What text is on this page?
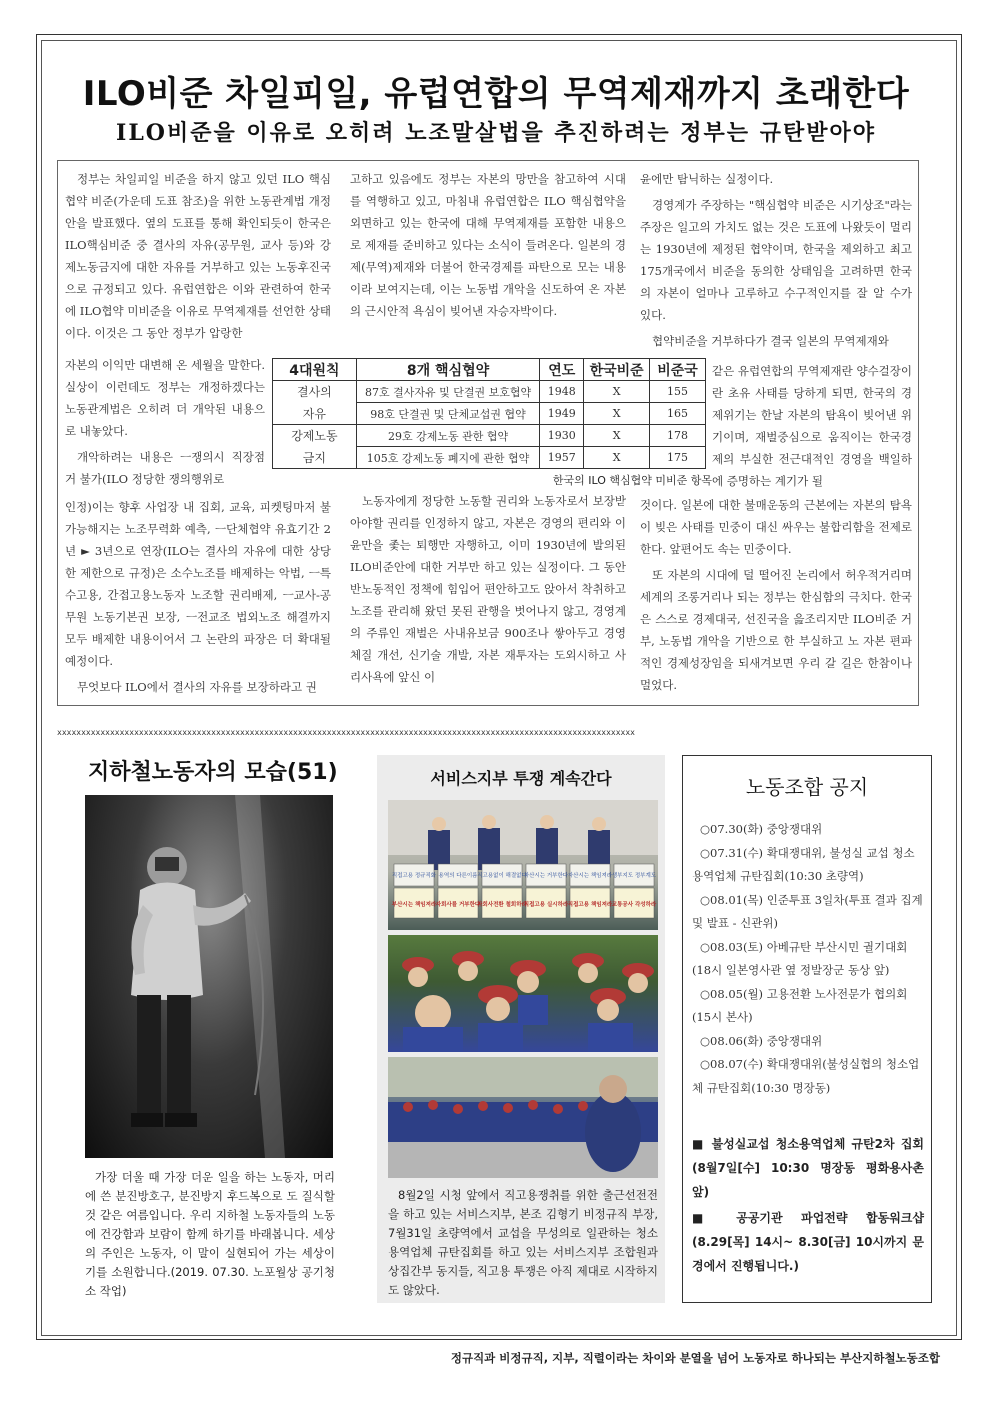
ILO비준 차일피일, 유럽연합의 무역제재까지 초래한다
ILO비준을 이유로 오히려 노조말살법을 추진하려는 정부는 규탄받아야

정부는 차일피일 비준을 하지 않고 있던 ILO 핵심협약 비준(가운데 도표 참조)을 위한 노동관계법 개정안을 발표했다. 옆의 도표를 통해 확인되듯이 한국은 ILO핵심비준 중 결사의 자유(공무원, 교사 등)와 강제노동금지에 대한 자유를 거부하고 있는 노동후진국으로 규정되고 있다. 유럽연합은 이와 관련하여 한국에 ILO협약 미비준을 이유로 무역제재를 선언한 상태이다. 이것은 그 동안 정부가 압랑한

자본의 이익만 대변해 온 세월을 말한다. 실상이 이런데도 정부는 개정하겠다는 노동관계법은 오히려 더 개악된 내용으로 내놓았다.

개악하려는 내용은 ㅡ쟁의시 직장점거 불가(ILO 정당한 쟁의행위로

인정)이는 향후 사업장 내 집회, 교육, 피켓팅마저 불가능해지는 노조무력화 예측, ㅡ단체협약 유효기간 2년 ► 3년으로 연장(ILO는 결사의 자유에 대한 상당한 제한으로 규정)은 소수노조를 배제하는 악법, ㅡ특수고용, 간접고용노동자 노조할 권리배제, ㅡ교사-공무원 노동기본권 보장, ㅡ전교조 법외노조 해결까지 모두 배제한 내용이어서 그 논란의 파장은 더 확대될 예정이다.

무엇보다 ILO에서 결사의 자유를 보장하라고 권

고하고 있음에도 정부는 자본의 망만을 참고하여 시대를 역행하고 있고, 마침내 유럽연합은 ILO 핵심협약을 외면하고 있는 한국에 대해 무역제재를 포함한 내용으로 제재를 준비하고 있다는 소식이 들려온다. 일본의 경제(무역)제재와 더불어 한국경제를 파탄으로 모는 내용이라 보여지는데, 이는 노동법 개악을 신도하여 온 자본의 근시안적 욕심이 빚어낸 자승자박이다.

노동자에게 정당한 노동할 권리와 노동자로서 보장받아야할 권리를 인정하지 않고, 자본은 경영의 편리와 이윤만을 좇는 퇴행만 자행하고, 이미 1930년에 발의된 ILO비준안에 대한 거부만 하고 있는 실정이다. 그 동안 반노동적인 정책에 힘입어 편안하고도 앉아서 착취하고 노조를 관리해 왔던 못된 관행을 벗어나지 않고, 경영계의 주류인 재벌은 사내유보금 900조나 쌓아두고 경영체질 개선, 신기술 개발, 자본 재투자는 도외시하고 사리사욕에 앞신 이

윤에만 탐닉하는 실정이다.

경영계가 주장하는 "핵심협약 비준은 시기상조"라는 주장은 일고의 가치도 없는 것은 도표에 나왔듯이 멀리는 1930년에 제정된 협약이며, 한국을 제외하고 최고 175개국에서 비준을 동의한 상태임을 고려하면 한국의 자본이 얼마나 고루하고 수구적인지를 잘 알 수가 있다.

협약비준을 거부하다가 결국 일본의 무역제재와

같은 유럽연합의 무역제재란 양수걸장이란 초유 사태를 당하게 되면, 한국의 경제위기는 한날 자본의 탐욕이 빚어낸 위기이며, 재벌중심으로 움직이는 한국경제의 부실한 전근대적인 경영을 백일하에 증명하는 계기가 될

것이다. 일본에 대한 불매운동의 근본에는 자본의 탐욕이 빚은 사태를 민중이 대신 싸우는 불합리함을 전제로 한다. 앞편어도 속는 민중이다.

또 자본의 시대에 덜 떨어진 논리에서 허우적거리며 세계의 조롱거리나 되는 정부는 한심함의 극치다. 한국은 스스로 경제대국, 선진국을 읊조리지만 ILO비준 거부, 노동법 개악을 기반으로 한 부실하고 노 자본 편파적인 경제성장임을 되새겨보면 우리 갈 길은 한참이나 멀었다.

4대원칙	8개 핵심협약	연도	한국비준	비준국
결사의	87호 결사자유 및 단결권 보호협약	1948	X	155
자유	98호 단결권 및 단체교섭권 협약	1949	X	165
강제노동	29호 강제노동 관한 협약	1930	X	178
금지	105호 강제노동 폐지에 관한 협약	1957	X	175
한국의 ILO 핵심협약 미비준 항목
xxxxxxxxxxxxxxxxxxxxxxxxxxxxxxxxxxxxxxxxxxxxxxxxxxxxxxxxxxxxxxxxxxxxxxxxxxxxxxxxxxxxxxxxxxxxxxxxxxxxxxxxxxxxxxxxxxxxxxxx
지하철노동자의 모습(51)
가장 더울 때 가장 더운 일을 하는 노동자, 머리에 쓴 분진방호구, 분진방지 후드복으로 도 질식할 것 같은 여름입니다. 우리 지하철 노동자들의 노동에 건강함과 보람이 함께 하기를 바래봅니다. 세상의 주인은 노동자, 이 말이 실현되어 가는 세상이기를 소원합니다.(2019. 07.30. 노포월상 공기청소 작업)
서비스지부 투쟁 계속간다
직접고용 정규직화 용역의 다른이름 직고용없이 해결없다
자산시는 거부한다 자산시는 책임져라 생부지도 정부계도
부산시는 책임져라 자회사를 거부한다
자회사전환 철회하라
직접고용 실시하라 직접고용 책임져라 교통공사 각성하라
8월2일 시청 앞에서 직고용쟁취를 위한 출근선전전을 하고 있는 서비스지부, 본조 김형기 비정규직 부장, 7월31일 초량역에서 교섭을 무성의로 일관하는 청소 용역업체 규탄집회를 하고 있는 서비스지부 조합원과 상집간부 동지들, 직고용 투쟁은 아직 제대로 시작하지도 않았다.
노동조합 공지
○07.30(화) 중앙쟁대위
○07.31(수) 확대쟁대위, 불성실 교섭 청소용역업체 규탄집회(10:30 초량역)
○08.01(목) 인준투표 3일차(투표 결과 집계 및 발표 - 신관위)
○08.03(토) 아베규탄 부산시민 궐기대회(18시 일본영사관 옆 정발장군 동상 앞)
○08.05(월) 고용전환 노사전문가 협의회(15시 본사)
○08.06(화) 중앙쟁대위
○08.07(수) 확대쟁대위(불성실협의 청소업체 규탄집회(10:30 명장동)
■ 불성실교섭 청소용역업체 규탄2차 집회(8월7일[수] 10:30 명장동 평화용사촌 앞)
■ 공공기관 파업전략 합동워크샵(8.29[목] 14시~ 8.30[금] 10시까지 문경에서 진행됩니다.)
정규직과 비정규직, 지부, 직렬이라는 차이와 분열을 넘어 노동자로 하나되는 부산지하철노동조합
